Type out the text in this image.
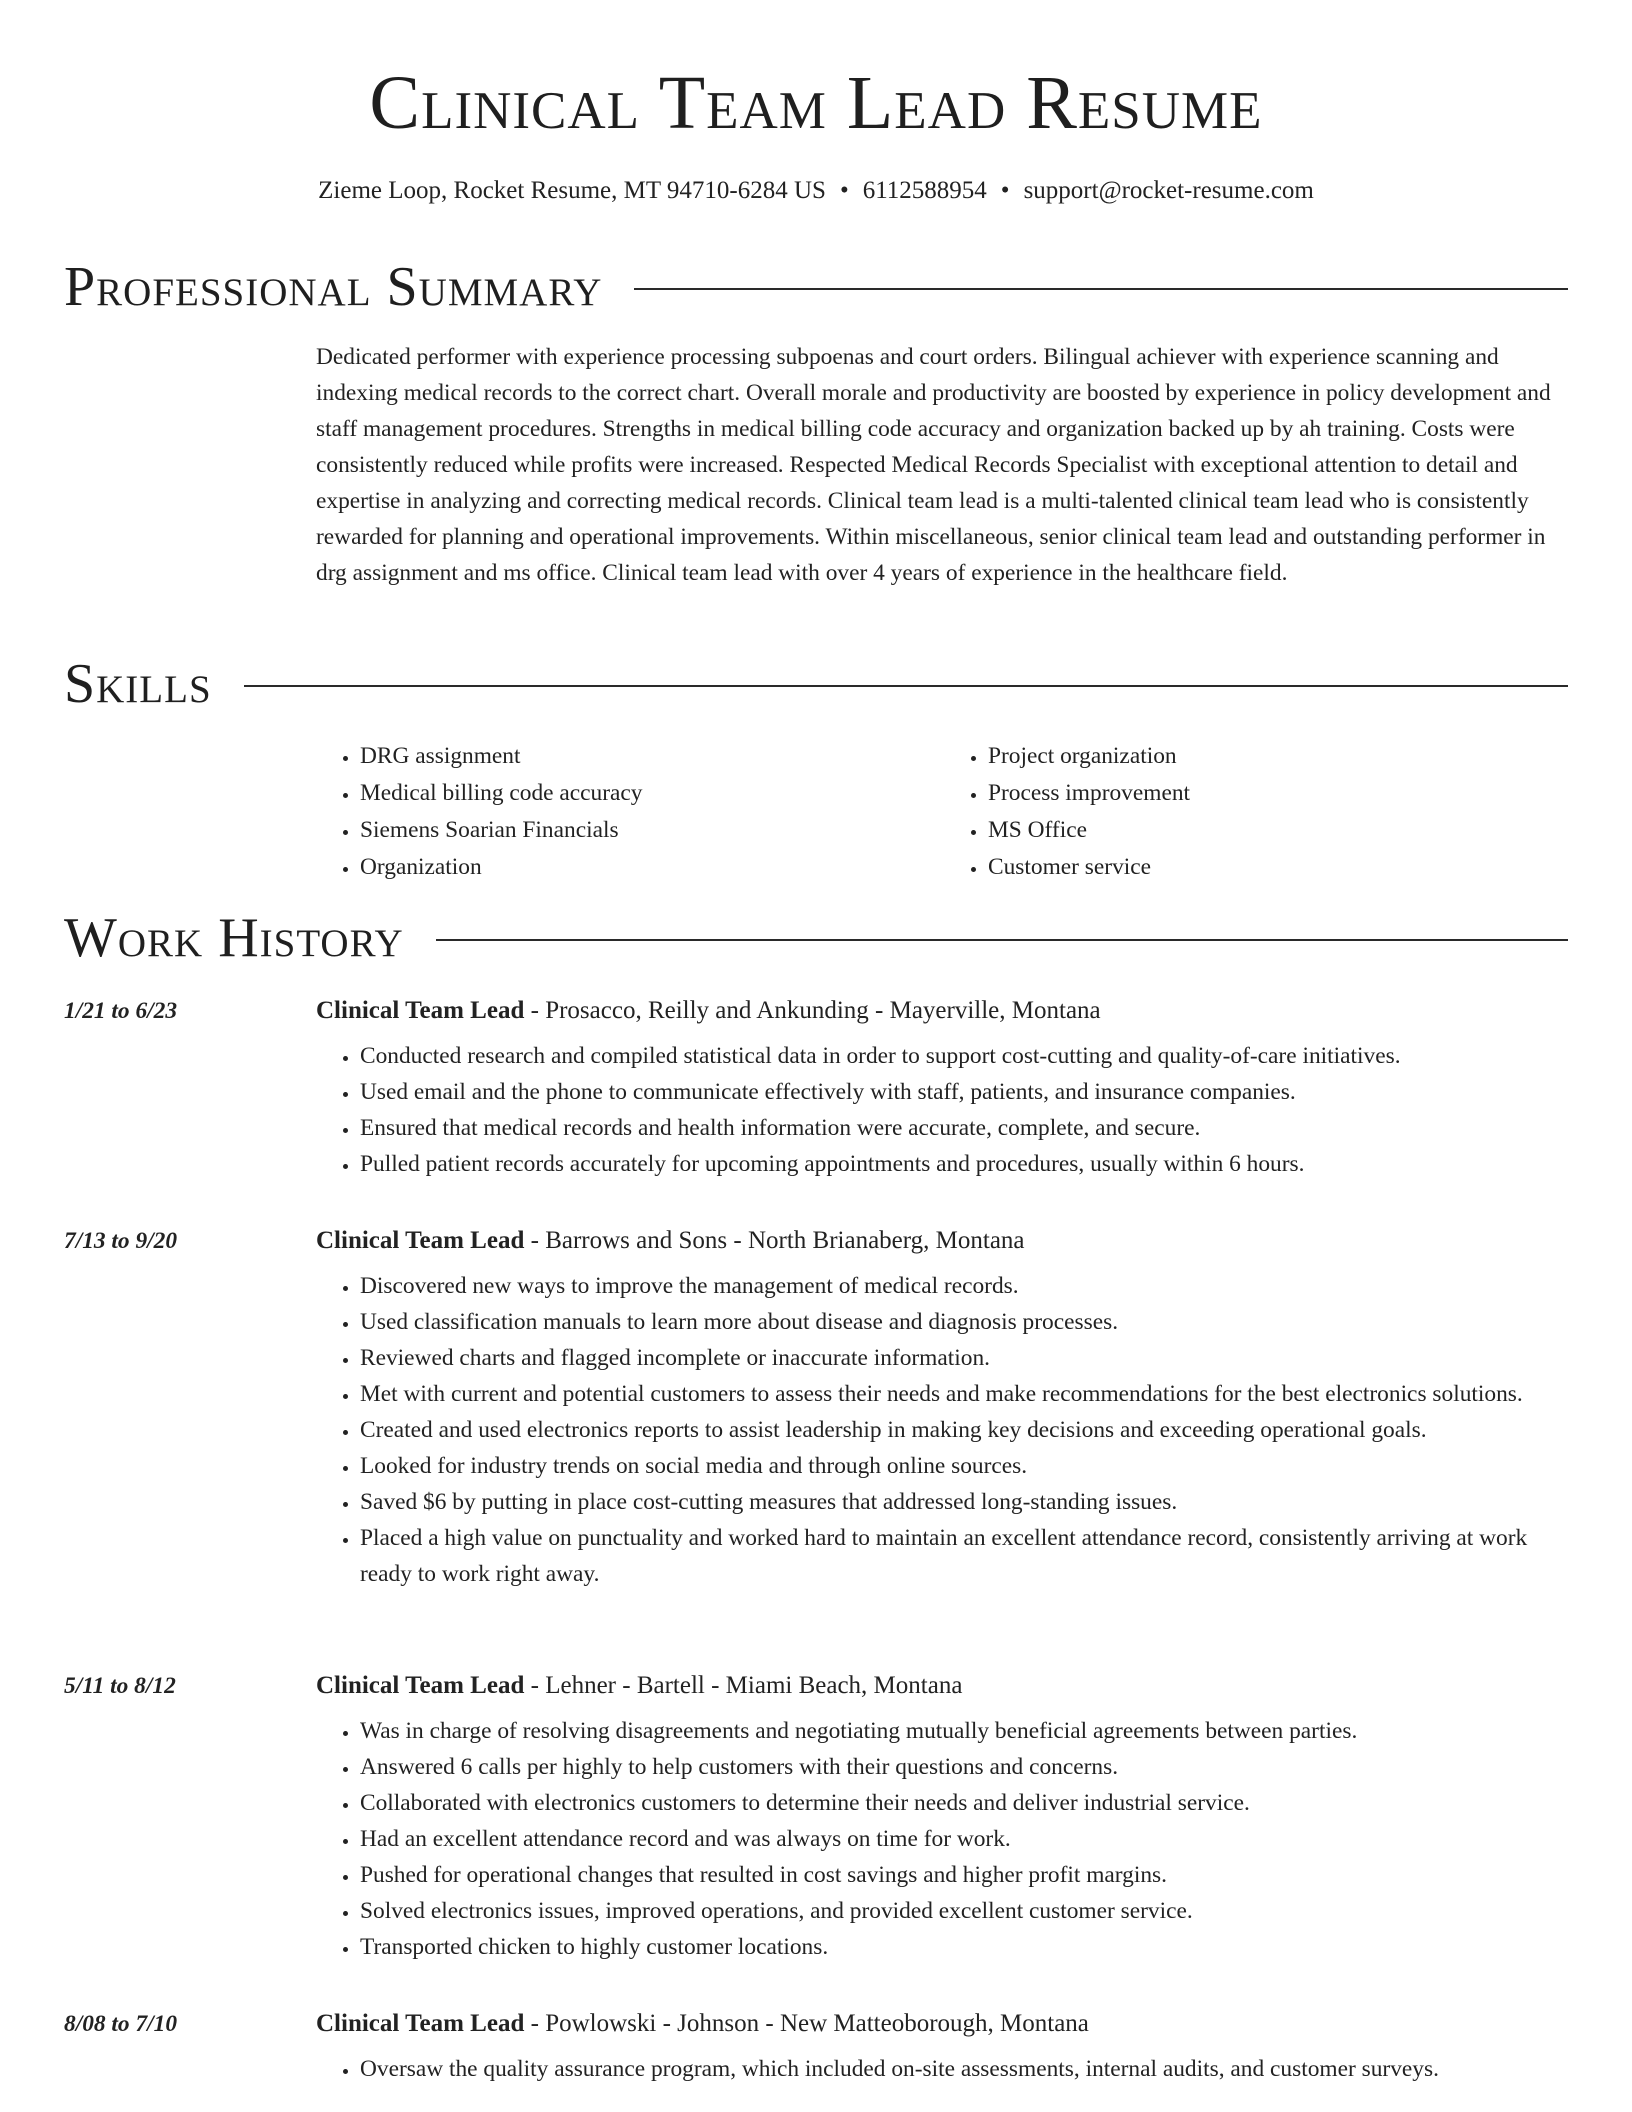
Clinical Team Lead Resume
Zieme Loop, Rocket Resume, MT 94710-6284 US • 6112588954 • support@rocket-resume.com
Professional Summary

Dedicated performer with experience processing subpoenas and court orders. Bilingual achiever with experience scanning and indexing medical records to the correct chart. Overall morale and productivity are boosted by experience in policy development and staff management procedures. Strengths in medical billing code accuracy and organization backed up by ah training. Costs were consistently reduced while profits were increased. Respected Medical Records Specialist with exceptional attention to detail and expertise in analyzing and correcting medical records. Clinical team lead is a multi-talented clinical team lead who is consistently rewarded for planning and operational improvements. Within miscellaneous, senior clinical team lead and outstanding performer in drg assignment and ms office. Clinical team lead with over 4 years of experience in the healthcare field.

Skills
• DRG assignment
• Medical billing code accuracy
• Siemens Soarian Financials
• Organization
• Project organization
• Process improvement
• MS Office
• Customer service
Work History
1/21 to 6/23	Clinical Team Lead - Prosacco, Reilly and Ankunding - Mayerville, Montana
• Conducted research and compiled statistical data in order to support cost-cutting and quality-of-care initiatives.
• Used email and the phone to communicate effectively with staff, patients, and insurance companies.
• Ensured that medical records and health information were accurate, complete, and secure.
• Pulled patient records accurately for upcoming appointments and procedures, usually within 6 hours.
7/13 to 9/20	Clinical Team Lead - Barrows and Sons - North Brianaberg, Montana
• Discovered new ways to improve the management of medical records.
• Used classification manuals to learn more about disease and diagnosis processes.
• Reviewed charts and flagged incomplete or inaccurate information.
• Met with current and potential customers to assess their needs and make recommendations for the best electronics solutions.
• Created and used electronics reports to assist leadership in making key decisions and exceeding operational goals.
• Looked for industry trends on social media and through online sources.
• Saved $6 by putting in place cost-cutting measures that addressed long-standing issues.
• Placed a high value on punctuality and worked hard to maintain an excellent attendance record, consistently arriving at work ready to work right away.
5/11 to 8/12	Clinical Team Lead - Lehner - Bartell - Miami Beach, Montana
• Was in charge of resolving disagreements and negotiating mutually beneficial agreements between parties.
• Answered 6 calls per highly to help customers with their questions and concerns.
• Collaborated with electronics customers to determine their needs and deliver industrial service.
• Had an excellent attendance record and was always on time for work.
• Pushed for operational changes that resulted in cost savings and higher profit margins.
• Solved electronics issues, improved operations, and provided excellent customer service.
• Transported chicken to highly customer locations.
8/08 to 7/10	Clinical Team Lead - Powlowski - Johnson - New Matteoborough, Montana
• Oversaw the quality assurance program, which included on-site assessments, internal audits, and customer surveys.
